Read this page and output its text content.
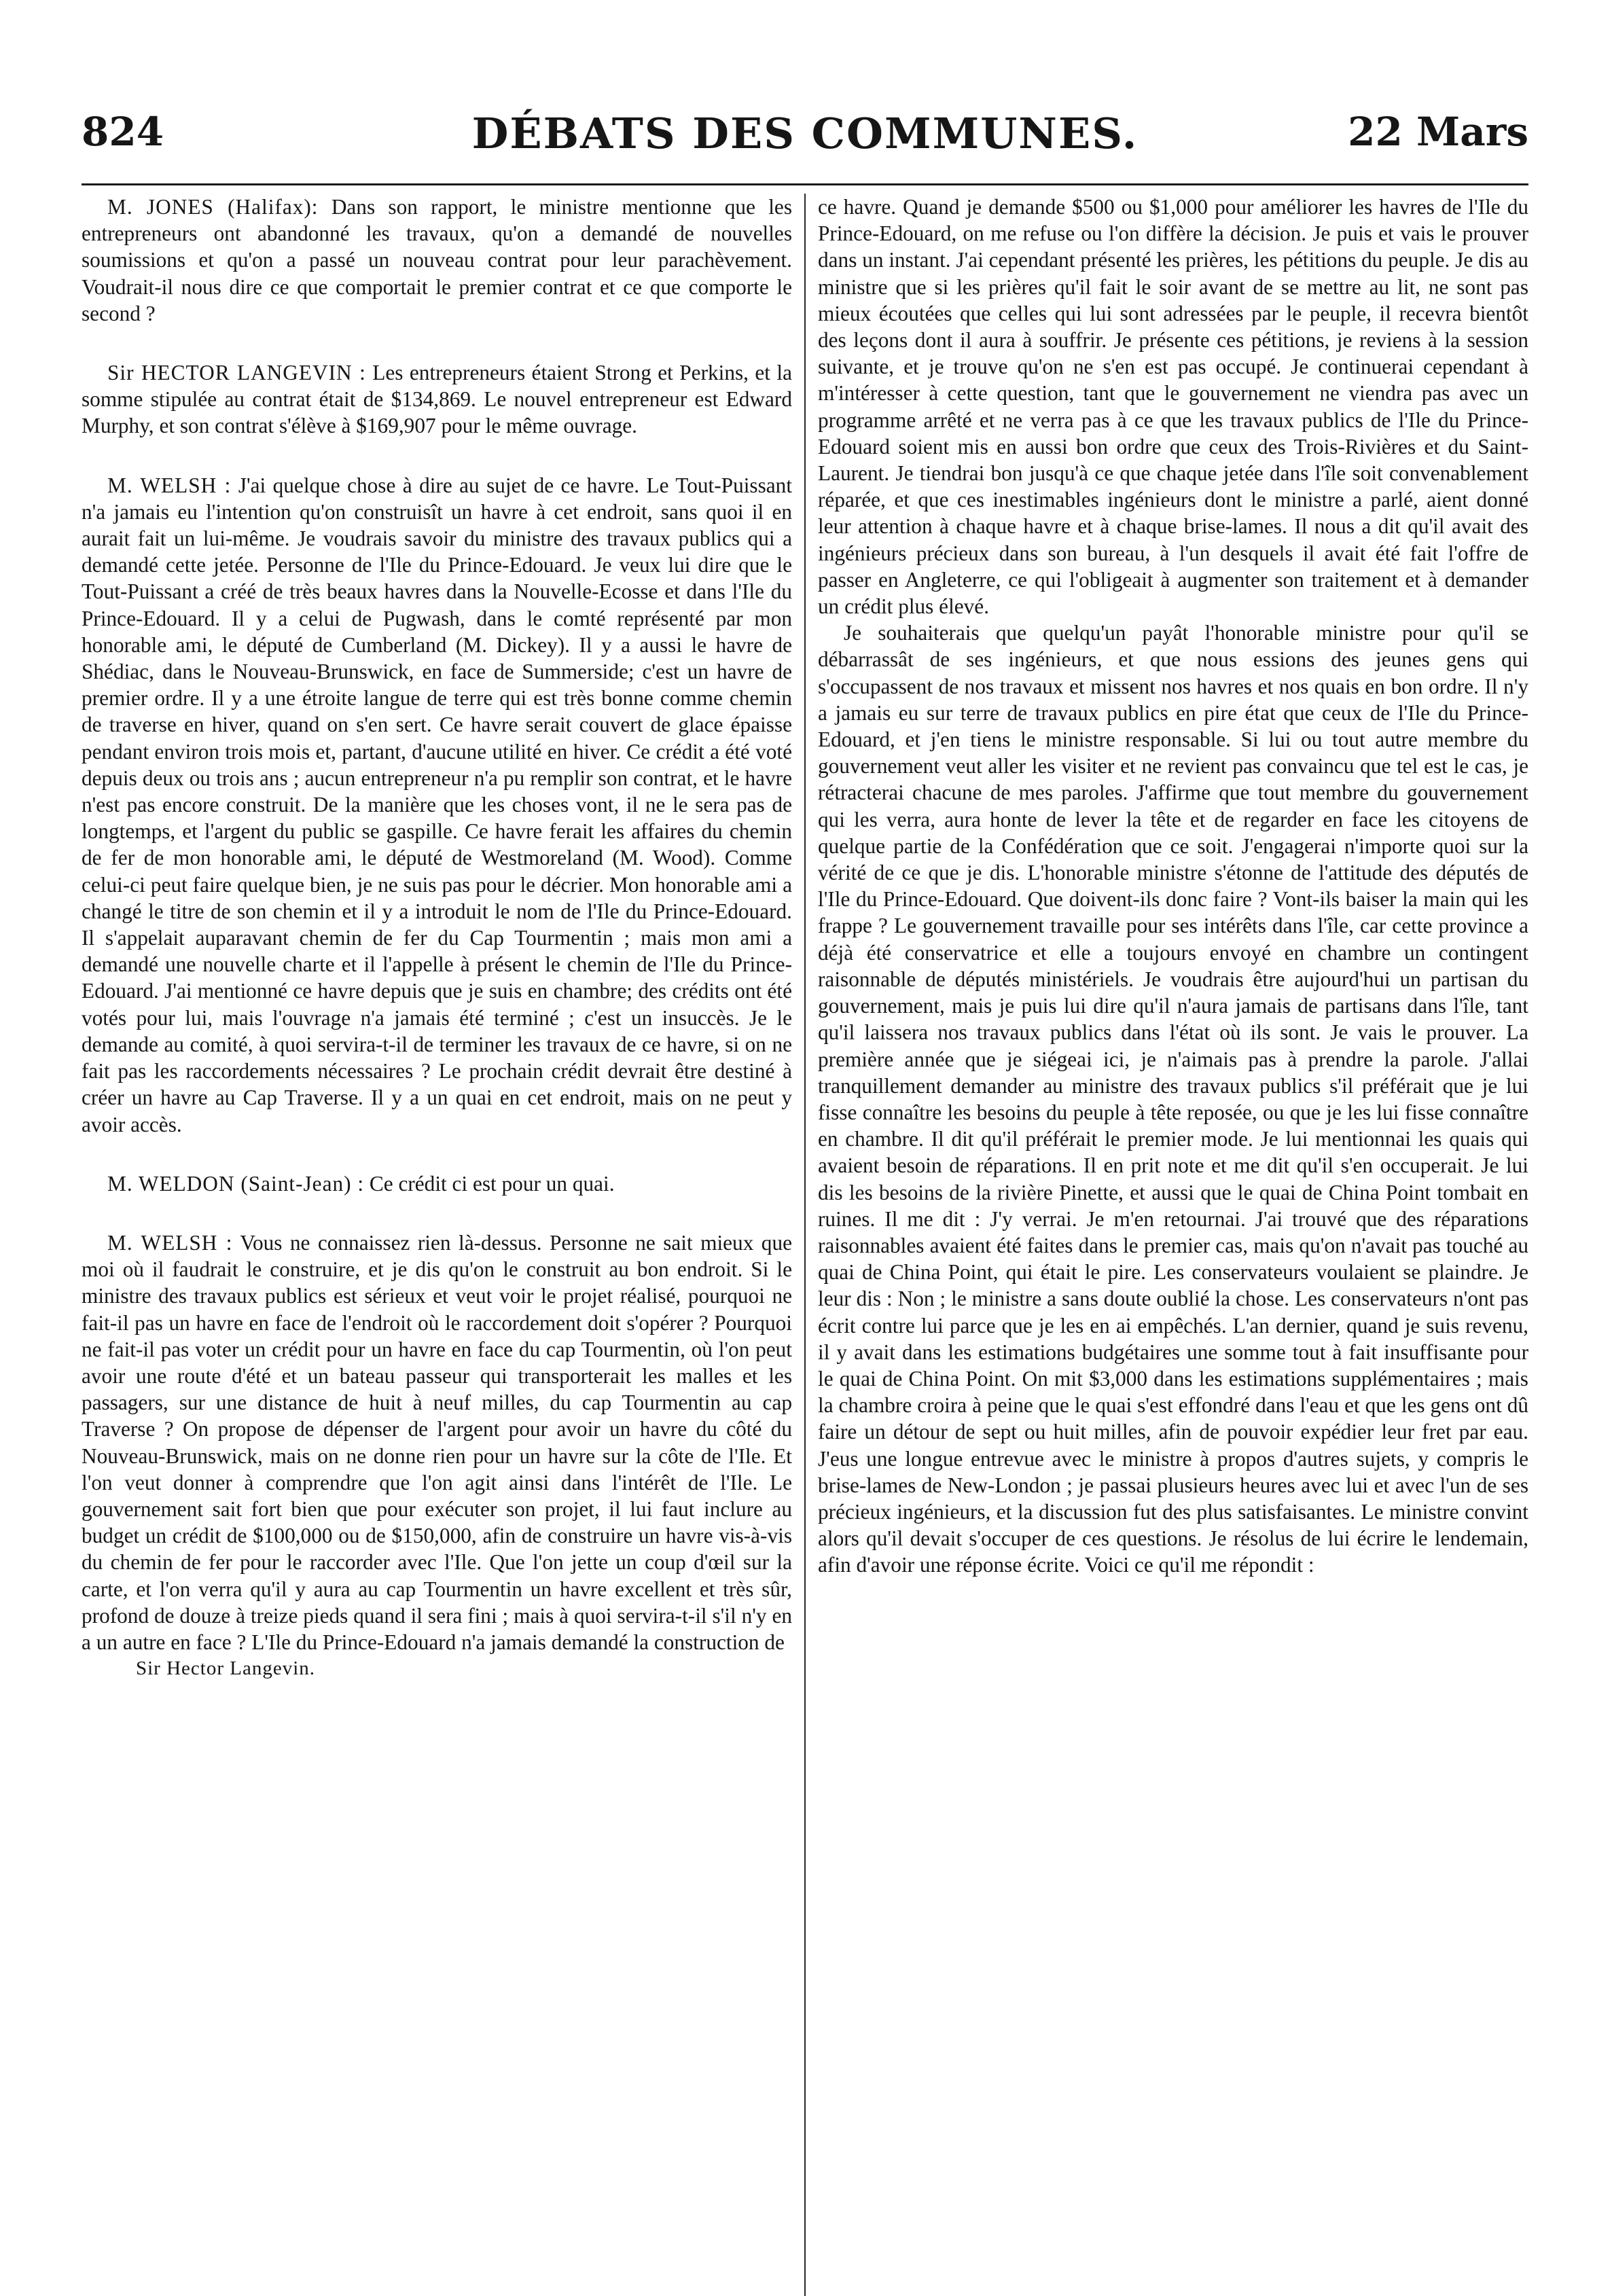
824	DÉBATS DES COMMUNES.	22 Mars

M. JONES (Halifax): Dans son rapport, le ministre mentionne que les entrepreneurs ont abandonné les travaux, qu'on a demandé de nouvelles soumissions et qu'on a passé un nouveau contrat pour leur parachèvement. Voudrait-il nous dire ce que comportait le premier contrat et ce que comporte le second ?

Sir HECTOR LANGEVIN : Les entrepreneurs étaient Strong et Perkins, et la somme stipulée au contrat était de $134,869. Le nouvel entrepreneur est Edward Murphy, et son contrat s'élève à $169,907 pour le même ouvrage.

M. WELSH : J'ai quelque chose à dire au sujet de ce havre. Le Tout-Puissant n'a jamais eu l'intention qu'on construisît un havre à cet endroit, sans quoi il en aurait fait un lui-même. Je voudrais savoir du ministre des travaux publics qui a demandé cette jetée. Personne de l'Ile du Prince-Edouard. Je veux lui dire que le Tout-Puissant a créé de très beaux havres dans la Nouvelle-Ecosse et dans l'Ile du Prince-Edouard. Il y a celui de Pugwash, dans le comté représenté par mon honorable ami, le député de Cumberland (M. Dickey). Il y a aussi le havre de Shédiac, dans le Nouveau-Brunswick, en face de Summerside; c'est un havre de premier ordre. Il y a une étroite langue de terre qui est très bonne comme chemin de traverse en hiver, quand on s'en sert. Ce havre serait couvert de glace épaisse pendant environ trois mois et, partant, d'aucune utilité en hiver. Ce crédit a été voté depuis deux ou trois ans ; aucun entrepreneur n'a pu remplir son contrat, et le havre n'est pas encore construit. De la manière que les choses vont, il ne le sera pas de longtemps, et l'argent du public se gaspille. Ce havre ferait les affaires du chemin de fer de mon honorable ami, le député de Westmoreland (M. Wood). Comme celui-ci peut faire quelque bien, je ne suis pas pour le décrier. Mon honorable ami a changé le titre de son chemin et il y a introduit le nom de l'Ile du Prince-Edouard. Il s'appelait auparavant chemin de fer du Cap Tourmentin ; mais mon ami a demandé une nouvelle charte et il l'appelle à présent le chemin de l'Ile du Prince-Edouard. J'ai mentionné ce havre depuis que je suis en chambre; des crédits ont été votés pour lui, mais l'ouvrage n'a jamais été terminé ; c'est un insuccès. Je le demande au comité, à quoi servira-t-il de terminer les travaux de ce havre, si on ne fait pas les raccordements nécessaires ? Le prochain crédit devrait être destiné à créer un havre au Cap Traverse. Il y a un quai en cet endroit, mais on ne peut y avoir accès.

M. WELDON (Saint-Jean) : Ce crédit ci est pour un quai.

M. WELSH : Vous ne connaissez rien là-dessus. Personne ne sait mieux que moi où il faudrait le construire, et je dis qu'on le construit au bon endroit. Si le ministre des travaux publics est sérieux et veut voir le projet réalisé, pourquoi ne fait-il pas un havre en face de l'endroit où le raccordement doit s'opérer ? Pourquoi ne fait-il pas voter un crédit pour un havre en face du cap Tourmentin, où l'on peut avoir une route d'été et un bateau passeur qui transporterait les malles et les passagers, sur une distance de huit à neuf milles, du cap Tourmentin au cap Traverse ? On propose de dépenser de l'argent pour avoir un havre du côté du Nouveau-Brunswick, mais on ne donne rien pour un havre sur la côte de l'Ile. Et l'on veut donner à comprendre que l'on agit ainsi dans l'intérêt de l'Ile. Le gouvernement sait fort bien que pour exécuter son projet, il lui faut inclure au budget un crédit de $100,000 ou de $150,000, afin de construire un havre vis-à-vis du chemin de fer pour le raccorder avec l'Ile. Que l'on jette un coup d'œil sur la carte, et l'on verra qu'il y aura au cap Tourmentin un havre excellent et très sûr, profond de douze à treize pieds quand il sera fini ; mais à quoi servira-t-il s'il n'y en a un autre en face ? L'Ile du Prince-Edouard n'a jamais demandé la construction de

Sir Hector Langevin.

ce havre. Quand je demande $500 ou $1,000 pour améliorer les havres de l'Ile du Prince-Edouard, on me refuse ou l'on diffère la décision. Je puis et vais le prouver dans un instant. J'ai cependant présenté les prières, les pétitions du peuple. Je dis au ministre que si les prières qu'il fait le soir avant de se mettre au lit, ne sont pas mieux écoutées que celles qui lui sont adressées par le peuple, il recevra bientôt des leçons dont il aura à souffrir. Je présente ces pétitions, je reviens à la session suivante, et je trouve qu'on ne s'en est pas occupé. Je continuerai cependant à m'intéresser à cette question, tant que le gouvernement ne viendra pas avec un programme arrêté et ne verra pas à ce que les travaux publics de l'Ile du Prince-Edouard soient mis en aussi bon ordre que ceux des Trois-Rivières et du Saint-Laurent. Je tiendrai bon jusqu'à ce que chaque jetée dans l'île soit convenablement réparée, et que ces inestimables ingénieurs dont le ministre a parlé, aient donné leur attention à chaque havre et à chaque brise-lames. Il nous a dit qu'il avait des ingénieurs précieux dans son bureau, à l'un desquels il avait été fait l'offre de passer en Angleterre, ce qui l'obligeait à augmenter son traitement et à demander un crédit plus élevé.

Je souhaiterais que quelqu'un payât l'honorable ministre pour qu'il se débarrassât de ses ingénieurs, et que nous essions des jeunes gens qui s'occupassent de nos travaux et missent nos havres et nos quais en bon ordre. Il n'y a jamais eu sur terre de travaux publics en pire état que ceux de l'Ile du Prince-Edouard, et j'en tiens le ministre responsable. Si lui ou tout autre membre du gouvernement veut aller les visiter et ne revient pas convaincu que tel est le cas, je rétracterai chacune de mes paroles. J'affirme que tout membre du gouvernement qui les verra, aura honte de lever la tête et de regarder en face les citoyens de quelque partie de la Confédération que ce soit. J'engagerai n'importe quoi sur la vérité de ce que je dis. L'honorable ministre s'étonne de l'attitude des députés de l'Ile du Prince-Edouard. Que doivent-ils donc faire ? Vont-ils baiser la main qui les frappe ? Le gouvernement travaille pour ses intérêts dans l'île, car cette province a déjà été conservatrice et elle a toujours envoyé en chambre un contingent raisonnable de députés ministériels. Je voudrais être aujourd'hui un partisan du gouvernement, mais je puis lui dire qu'il n'aura jamais de partisans dans l'île, tant qu'il laissera nos travaux publics dans l'état où ils sont. Je vais le prouver. La première année que je siégeai ici, je n'aimais pas à prendre la parole. J'allai tranquillement demander au ministre des travaux publics s'il préférait que je lui fisse connaître les besoins du peuple à tête reposée, ou que je les lui fisse connaître en chambre. Il dit qu'il préférait le premier mode. Je lui mentionnai les quais qui avaient besoin de réparations. Il en prit note et me dit qu'il s'en occuperait. Je lui dis les besoins de la rivière Pinette, et aussi que le quai de China Point tombait en ruines. Il me dit : J'y verrai. Je m'en retournai. J'ai trouvé que des réparations raisonnables avaient été faites dans le premier cas, mais qu'on n'avait pas touché au quai de China Point, qui était le pire. Les conservateurs voulaient se plaindre. Je leur dis : Non ; le ministre a sans doute oublié la chose. Les conservateurs n'ont pas écrit contre lui parce que je les en ai empêchés. L'an dernier, quand je suis revenu, il y avait dans les estimations budgétaires une somme tout à fait insuffisante pour le quai de China Point. On mit $3,000 dans les estimations supplémentaires ; mais la chambre croira à peine que le quai s'est effondré dans l'eau et que les gens ont dû faire un détour de sept ou huit milles, afin de pouvoir expédier leur fret par eau. J'eus une longue entrevue avec le ministre à propos d'autres sujets, y compris le brise-lames de New-London ; je passai plusieurs heures avec lui et avec l'un de ses précieux ingénieurs, et la discussion fut des plus satisfaisantes. Le ministre convint alors qu'il devait s'occuper de ces questions. Je résolus de lui écrire le lendemain, afin d'avoir une réponse écrite. Voici ce qu'il me répondit :
